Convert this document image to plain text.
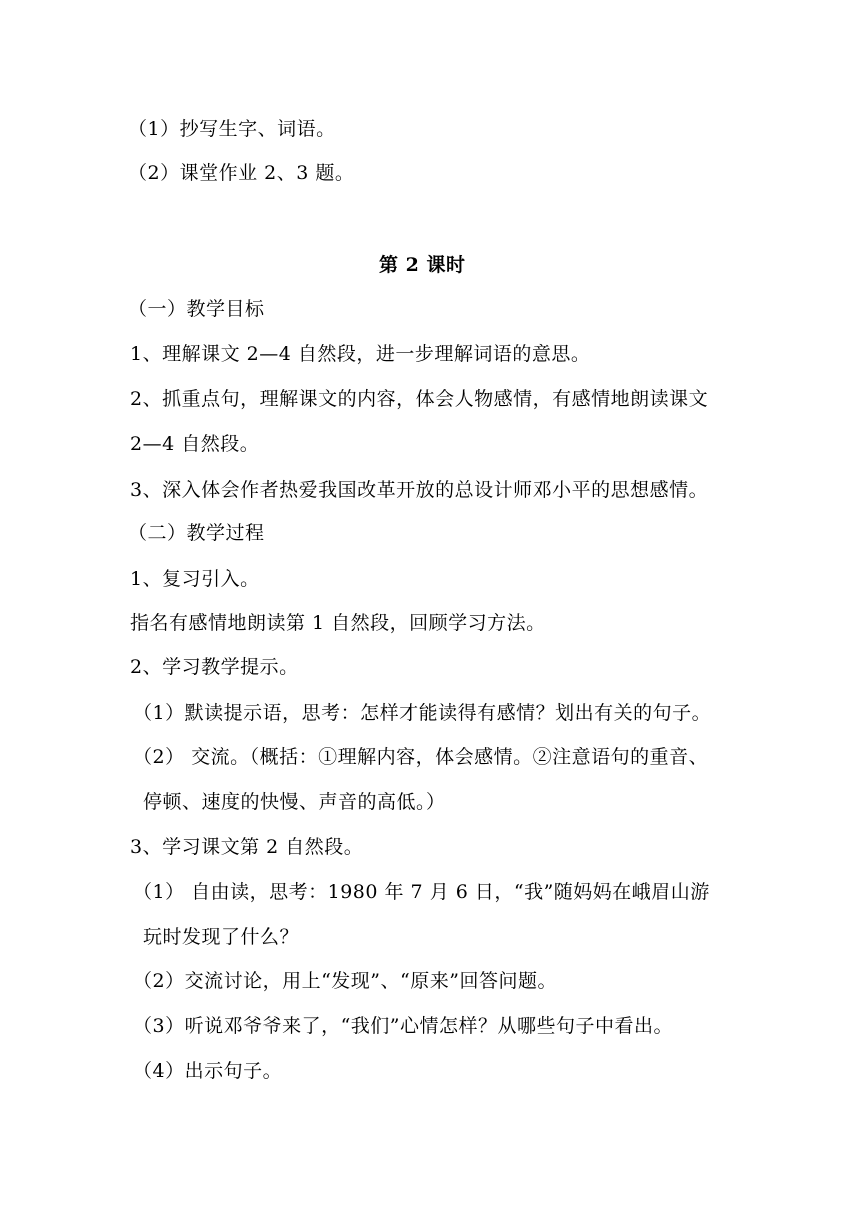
（1）抄写生字、词语。
（2）课堂作业 2、3 题。
第 2 课时
（一）教学目标
1、理解课文 2—4 自然段，进一步理解词语的意思。
2、抓重点句，理解课文的内容，体会人物感情，有感情地朗读课文
2—4 自然段。
3、深入体会作者热爱我国改革开放的总设计师邓小平的思想感情。
（二）教学过程
1、复习引入。
指名有感情地朗读第 1 自然段，回顾学习方法。
2、学习教学提示。
（1）默读提示语，思考：怎样才能读得有感情？划出有关的句子。
（2） 交流。（概括：①理解内容，体会感情。②注意语句的重音、
停顿、速度的快慢、声音的高低。）
3、学习课文第 2 自然段。
（1） 自由读，思考：1980 年 7 月 6 日，“我”随妈妈在峨眉山游
玩时发现了什么？
（2）交流讨论，用上“发现”、“原来”回答问题。
（3）听说邓爷爷来了，“我们”心情怎样？从哪些句子中看出。
（4）出示句子。
